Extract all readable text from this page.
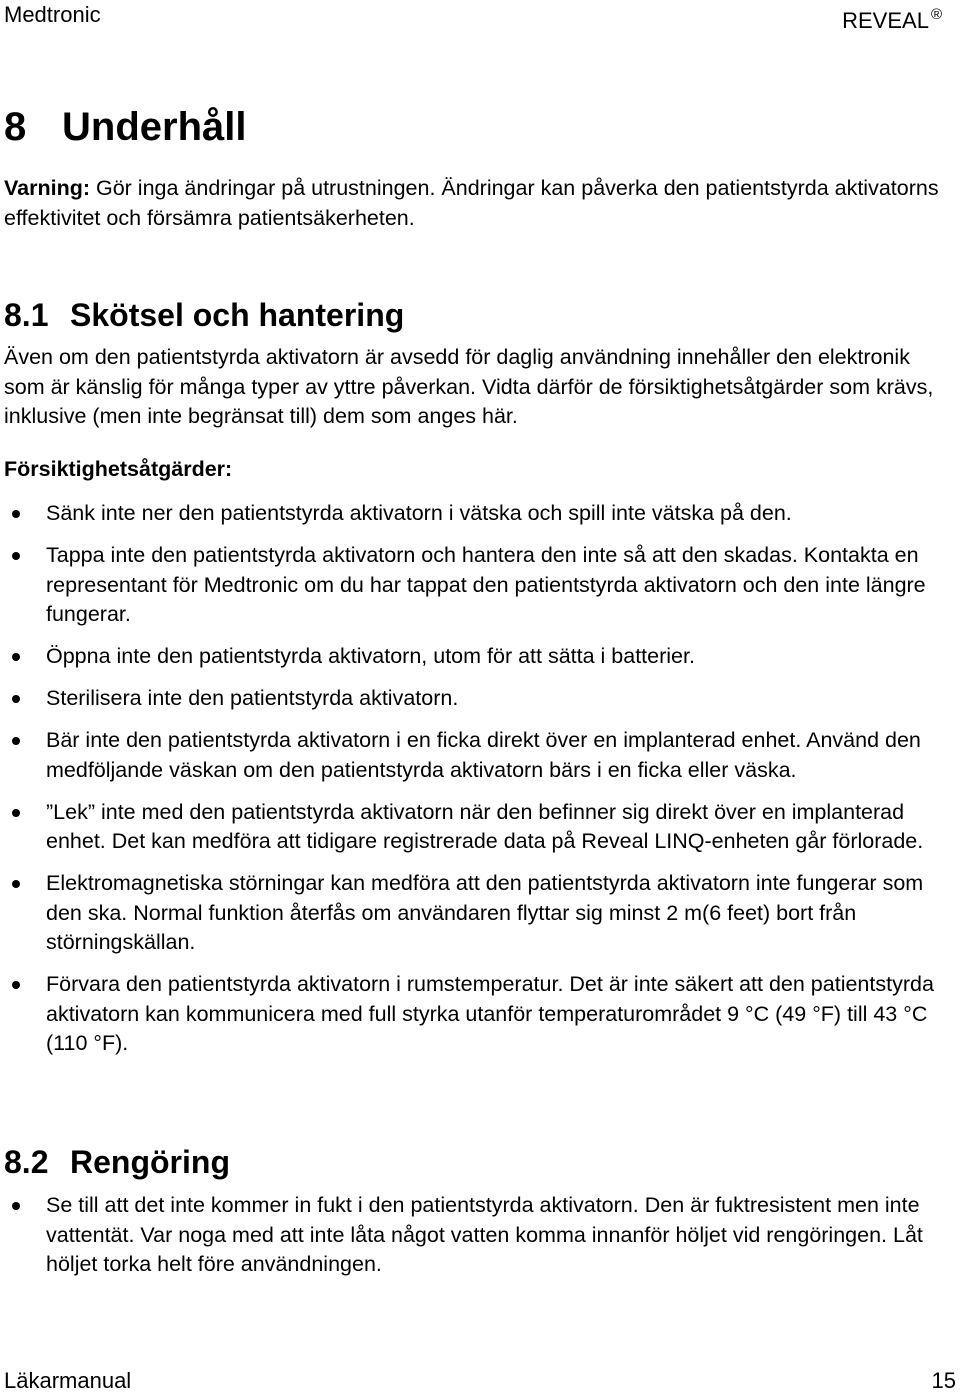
Medtronic	REVEAL ®
8 Underhåll
Varning: Gör inga ändringar på utrustningen. Ändringar kan påverka den patientstyrda aktivatorns effektivitet och försämra patientsäkerheten.
8.1 Skötsel och hantering
Även om den patientstyrda aktivatorn är avsedd för daglig användning innehåller den elektronik som är känslig för många typer av yttre påverkan. Vidta därför de försiktighetsåtgärder som krävs, inklusive (men inte begränsat till) dem som anges här.
Försiktighetsåtgärder:
Sänk inte ner den patientstyrda aktivatorn i vätska och spill inte vätska på den.
Tappa inte den patientstyrda aktivatorn och hantera den inte så att den skadas. Kontakta en representant för Medtronic om du har tappat den patientstyrda aktivatorn och den inte längre fungerar.
Öppna inte den patientstyrda aktivatorn, utom för att sätta i batterier.
Sterilisera inte den patientstyrda aktivatorn.
Bär inte den patientstyrda aktivatorn i en ficka direkt över en implanterad enhet. Använd den medföljande väskan om den patientstyrda aktivatorn bärs i en ficka eller väska.
”Lek” inte med den patientstyrda aktivatorn när den befinner sig direkt över en implanterad enhet. Det kan medföra att tidigare registrerade data på Reveal LINQ-enheten går förlorade.
Elektromagnetiska störningar kan medföra att den patientstyrda aktivatorn inte fungerar som den ska. Normal funktion återfås om användaren flyttar sig minst 2 m(6 feet) bort från störningskällan.
Förvara den patientstyrda aktivatorn i rumstemperatur. Det är inte säkert att den patientstyrda aktivatorn kan kommunicera med full styrka utanför temperaturområdet 9 °C (49 °F) till 43 °C (110 °F).
8.2 Rengöring
Se till att det inte kommer in fukt i den patientstyrda aktivatorn. Den är fuktresistent men inte vattentät. Var noga med att inte låta något vatten komma innanför höljet vid rengöringen. Låt höljet torka helt före användningen.
Läkarmanual	15
